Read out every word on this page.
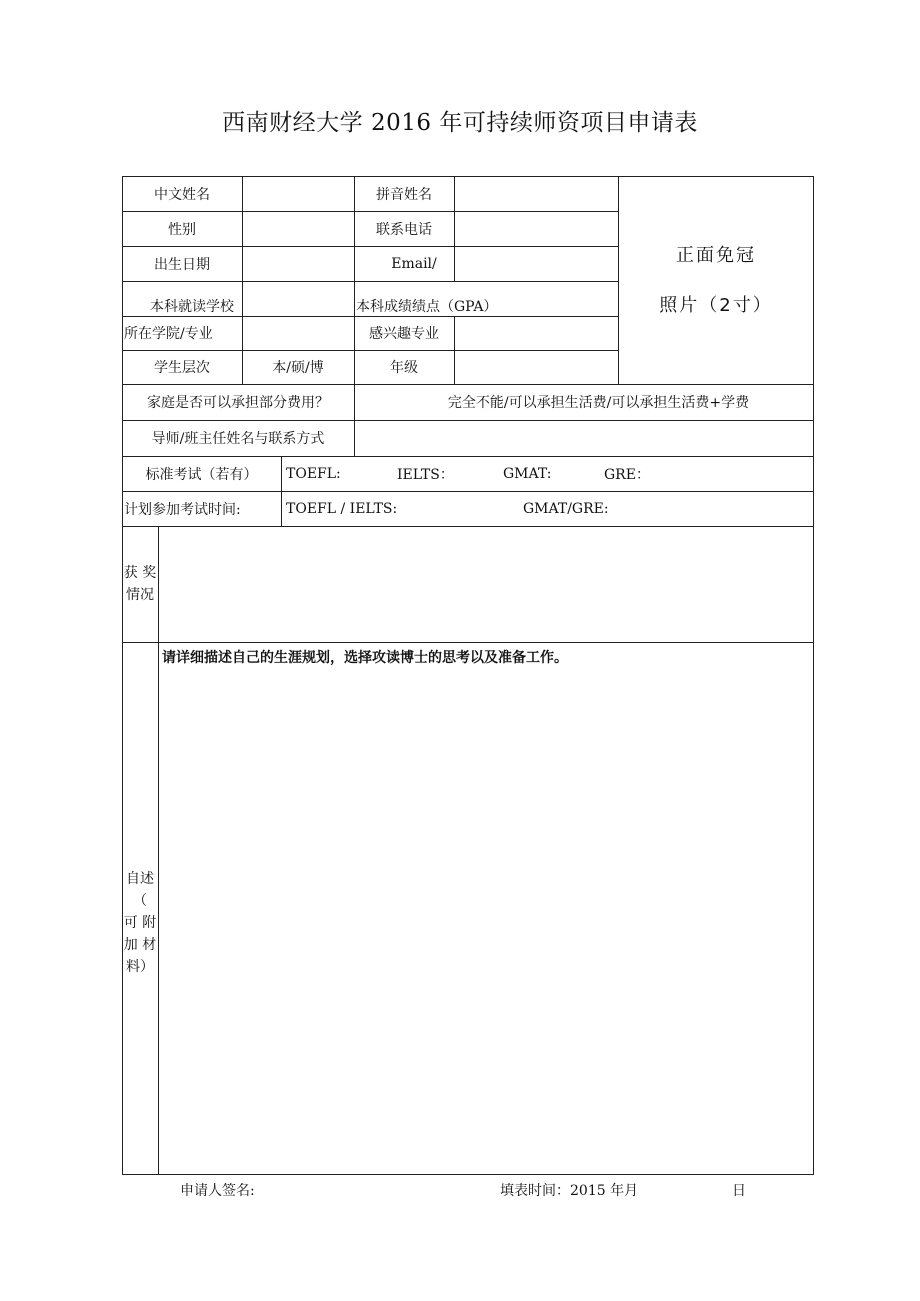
西南财经大学 2016 年可持续师资项目申请表
中文姓名	拼音姓名
性别	联系电话
出生日期	Email/
本科就读学校	本科成绩绩点（GPA）
所在学院/专业	感兴趣专业
学生层次	本/硕/博	年级
正面免冠
照片（2寸）
家庭是否可以承担部分费用？	完全不能/可以承担生活费/可以承担生活费+学费
导师/班主任姓名与联系方式
标准考试（若有）	TOEFL:	IELTS：	GMAT:	GRE：
计划参加考试时间:	TOEFL / IELTS:	GMAT/GRE:
获 奖
情况
自述
（
可 附
加 材
料）
请详细描述自己的生涯规划，选择攻读博士的思考以及准备工作。
申请人签名:	填表时间：2015 年月	日
